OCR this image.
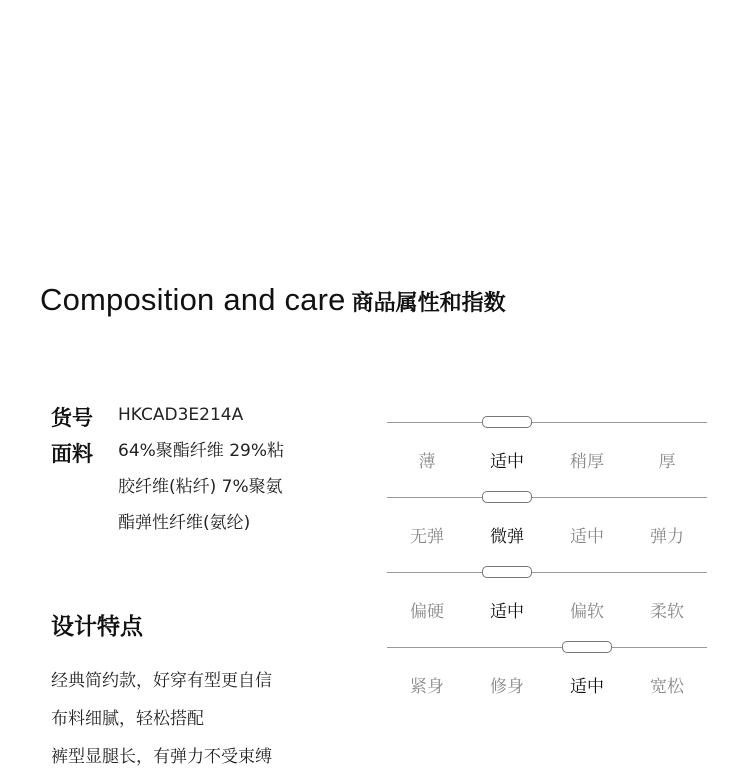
Composition and care 商品属性和指数
货号 HKCAD3E214A
面料 64%聚酯纤维 29%粘
胶纤维(粘纤) 7%聚氨
酯弹性纤维(氨纶)
设计特点
经典简约款，好穿有型更自信
布料细腻，轻松搭配
裤型显腿长，有弹力不受束缚
薄	适中	稍厚	厚
无弹	微弹	适中	弹力
偏硬	适中	偏软	柔软
紧身	修身	适中	宽松
